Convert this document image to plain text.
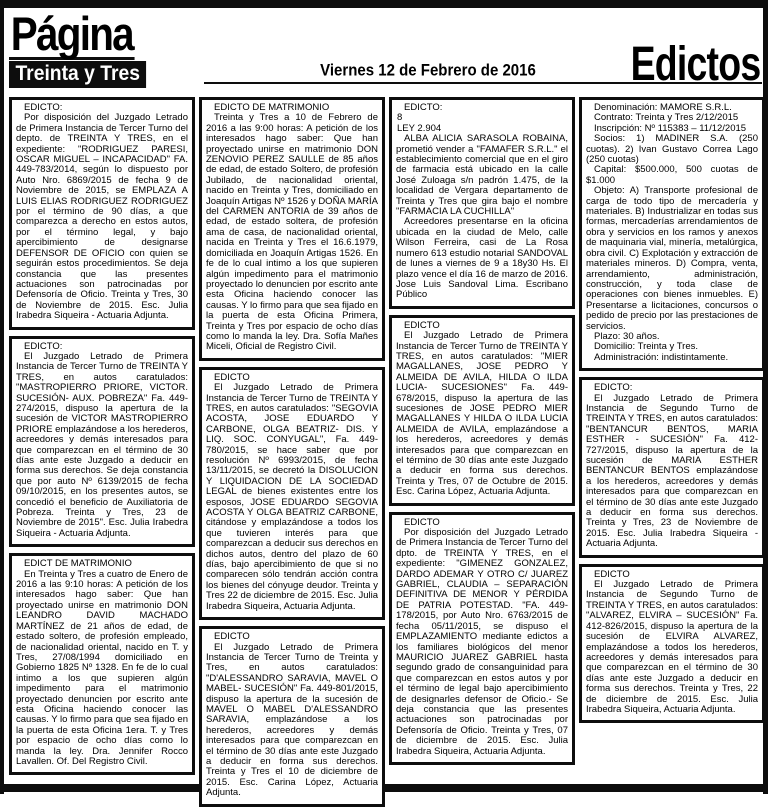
Página
Treinta y Tres	Viernes 12 de Febrero de 2016	Edictos

EDICTO:

Por disposición del Juzgado Letrado de Primera Instancia de Tercer Turno del depto. de TREINTA Y TRES, en el expediente: "RODRIGUEZ PARESI, OSCAR MIGUEL – INCAPACIDAD" FA. 449-783/2014, según lo dispuesto por Auto Nro. 6869/2015 de fecha 9 de Noviembre de 2015, se EMPLAZA A LUIS ELIAS RODRIGUEZ RODRIGUEZ por el término de 90 días, a que comparezca a derecho en estos autos, por el término legal, y bajo apercibimiento de designarse DEFENSOR DE OFICIO con quien se seguirán estos procedimientos. Se deja constancia que las presentes actuaciones son patrocinadas por Defensoría de Oficio. Treinta y Tres, 30 de Noviembre de 2015. Esc. Julia Irabedra Siqueira - Actuaria Adjunta.

EDICTO:

El Juzgado Letrado de Primera Instancia de Tercer Turno de TREINTA Y TRES, en autos caratulados: "MASTROPIERRO PRIORE, VICTOR. SUCESIÓN- AUX. POBREZA" Fa. 449-274/2015, dispuso la apertura de la sucesión de VICTOR MASTROPIERRO PRIORE emplazándose a los herederos, acreedores y demás interesados para que comparezcan en el término de 30 días ante este Juzgado a deducir en forma sus derechos. Se deja constancia que por auto Nº 6139/2015 de fecha 09/10/2015, en los presentes autos, se concedió el beneficio de Auxiliatoria de Pobreza. Treinta y Tres, 23 de Noviembre de 2015". Esc. Julia Irabedra Siqueira - Actuaria Adjunta.

EDICT DE MATRIMONIO

En Treinta y Tres a cuatro de Enero de 2016 a las 9:10 horas: A petición de los interesados hago saber: Que han proyectado unirse en matrimonio DON LEANDRO DAVID MACHADO MARTÍNEZ de 21 años de edad, de estado soltero, de profesión empleado, de nacionalidad oriental, nacido en T. y Tres, 27/08/1994 domiciliado en Gobierno 1825 Nº 1328. En fe de lo cual intimo a los que supieren algún impedimento para el matrimonio proyectado denuncien por escrito ante esta Oficina haciendo conocer las causas. Y lo firmo para que sea fijado en la puerta de esta Oficina 1era. T. y Tres por espacio de ocho días como lo manda la ley. Dra. Jennifer Rocco Lavallen. Of. Del Registro Civil.

EDICTO DE MATRIMONIO

Treinta y Tres a 10 de Febrero de 2016 a las 9:00 horas: A petición de los interesados hago saber: Que han proyectado unirse en matrimonio DON ZENOVIO PEREZ SAULLE de 85 años de edad, de estado Soltero, de profesión Jubilado, de nacionalidad oriental, nacido en Treinta y Tres, domiciliado en Joaquín Artigas Nº 1526 y DOÑA MARÍA del CARMEN ANTORIA de 39 años de edad, de estado soltera, de profesión ama de casa, de nacionalidad oriental, nacida en Treinta y Tres el 16.6.1979, domiciliada en Joaquín Artigas 1526. En fe de lo cual intimo a los que supieren algún impedimento para el matrimonio proyectado lo denuncien por escrito ante esta Oficina haciendo conocer las causas. Y lo firmo para que sea fijado en la puerta de esta Oficina Primera, Treinta y Tres por espacio de ocho días como lo manda la ley. Dra. Sofía Mañes Miceli, Oficial de Registro Civil.

EDICTO

El Juzgado Letrado de Primera Instancia de Tercer Turno de TREINTA Y TRES, en autos caratulados: "SEGOVIA ACOSTA, JOSE EDUARDO Y CARBONE, OLGA BEATRIZ- DIS. Y LIQ. SOC. CONYUGAL", Fa. 449-780/2015, se hace saber que por resolución Nº 6993/2015, de fecha 13/11/2015, se decretó la DISOLUCION Y LIQUIDACION DE LA SOCIEDAD LEGAL de bienes existentes entre los esposos, JOSE EDUARDO SEGOVIA ACOSTA Y OLGA BEATRIZ CARBONE, citándose y emplazándose a todos los que tuvieren interés para que comparezcan a deducir sus derechos en dichos autos, dentro del plazo de 60 días, bajo apercibimiento de que si no comparecen sólo tendrán acción contra los bienes del cónyuge deudor. Treinta y Tres 22 de diciembre de 2015. Esc. Julia Irabedra Siqueira, Actuaria Adjunta.

EDICTO

El Juzgado Letrado de Primera Instancia de Tercer Turno de Treinta y Tres, en autos caratulados: "D'ALESSANDRO SARAVIA, MAVEL O MABEL- SUCESIÓN" Fa. 449-801/2015, dispuso la apertura de la sucesión de MAVEL O MABEL D'ALESSANDRO SARAVIA, emplazándose a los herederos, acreedores y demás interesados para que comparezcan en el término de 30 días ante este Juzgado a deducir en forma sus derechos. Treinta y Tres el 10 de diciembre de 2015. Esc. Carina López, Actuaria Adjunta.

EDICTO:

8

LEY 2.904

ALBA ALICIA SARASOLA ROBAINA, prometió vender a "FAMAFER S.R.L." el establecimiento comercial que en el giro de farmacia está ubicado en la calle José Zuloaga s/n padrón 1.475, de la localidad de Vergara departamento de Treinta y Tres que gira bajo el nombre "FARMACIA LA CUCHILLA"

Acreedores presentarse en la oficina ubicada en la ciudad de Melo, calle Wilson Ferreira, casi de La Rosa numero 613 estudio notarial SANDOVAL de lunes a viernes de 9 a 18y30 Hs. El plazo vence el día 16 de marzo de 2016. Jose Luis Sandoval Lima. Escribano Público

EDICTO

El Juzgado Letrado de Primera Instancia de Tercer Turno de TREINTA Y TRES, en autos caratulados: "MIER MAGALLANES, JOSE PEDRO Y ALMEIDA DE AVILA, HILDA O ILDA LUCIA- SUCESIONES" Fa. 449-678/2015, dispuso la apertura de las sucesiones de JOSE PEDRO MIER MAGALLANES Y HILDA O ILDA LUCIA ALMEIDA de AVILA, emplazándose a los herederos, acreedores y demás interesados para que comparezcan en el término de 30 días ante este Juzgado a deducir en forma sus derechos. Treinta y Tres, 07 de Octubre de 2015. Esc. Carina López, Actuaria Adjunta.

EDICTO

Por disposición del Juzgado Letrado de Primera Instancia de Tercer Turno del dpto. de TREINTA Y TRES, en el expediente: "GIMENEZ GONZALEZ, DARDO ADEMAR Y OTRO C/ JUAREZ GABRIEL, CLAUDIA – SEPARACIÓN DEFINITIVA DE MENOR Y PÉRDIDA DE PATRIA POTESTAD. "FA. 449-178/2015, por Auto Nro. 6763/2015 de fecha 05/11/2015, se dispuso el EMPLAZAMIENTO mediante edictos a los familiares biológicos del menor MAURICIO JUAREZ GABRIEL hasta segundo grado de consanguinidad para que comparezcan en estos autos y por el término de legal bajo apercibimiento de designarles defensor de Oficio.- Se deja constancia que las presentes actuaciones son patrocinadas por Defensoría de Oficio. Treinta y Tres, 07 de diciembre de 2015. Esc. Julia Irabedra Siqueira, Actuaria Adjunta.

Denominación: MAMORE S.R.L.

Contrato: Treinta y Tres 2/12/2015

Inscripción: Nº 115383 – 11/12/2015

Socios: 1) MADINER S.A. (250 cuotas). 2) Ivan Gustavo Correa Lago (250 cuotas)

Capital: $500.000, 500 cuotas de $1.000

Objeto: A) Transporte profesional de carga de todo tipo de mercadería y materiales. B) Industrializar en todas sus formas, mercaderías arrendamientos de obra y servicios en los ramos y anexos de maquinaria vial, minería, metalúrgica, obra civil. C) Explotación y extracción de materiales mineros. D) Compra, venta, arrendamiento, administración, construcción, y toda clase de operaciones con bienes inmuebles. E) Presentarse a licitaciones, concursos o pedido de precio por las prestaciones de servicios.

Plazo: 30 años.

Domicilio: Treinta y Tres.

Administración: indistintamente.

EDICTO:

El Juzgado Letrado de Primera Instancia de Segundo Turno de TREINTA Y TRES, en autos caratulados: "BENTANCUR BENTOS, MARIA ESTHER - SUCESIÓN" Fa. 412-727/2015, dispuso la apertura de la sucesión de MARIA ESTHER BENTANCUR BENTOS emplazándose a los herederos, acreedores y demás interesados para que comparezcan en el término de 30 días ante este Juzgado a deducir en forma sus derechos. Treinta y Tres, 23 de Noviembre de 2015. Esc. Julia Irabedra Siqueira - Actuaria Adjunta.

EDICTO

El Juzgado Letrado de Primera Instancia de Segundo Turno de TREINTA Y TRES, en autos caratulados: "ALVAREZ, ELVIRA – SUCESIÓN" Fa. 412-826/2015, dispuso la apertura de la sucesión de ELVIRA ALVAREZ, emplazándose a todos los herederos, acreedores y demás interesados para que comparezcan en el término de 30 días ante este Juzgado a deducir en forma sus derechos. Treinta y Tres, 22 de diciembre de 2015. Esc. Julia Irabedra Siqueira, Actuaria Adjunta.
